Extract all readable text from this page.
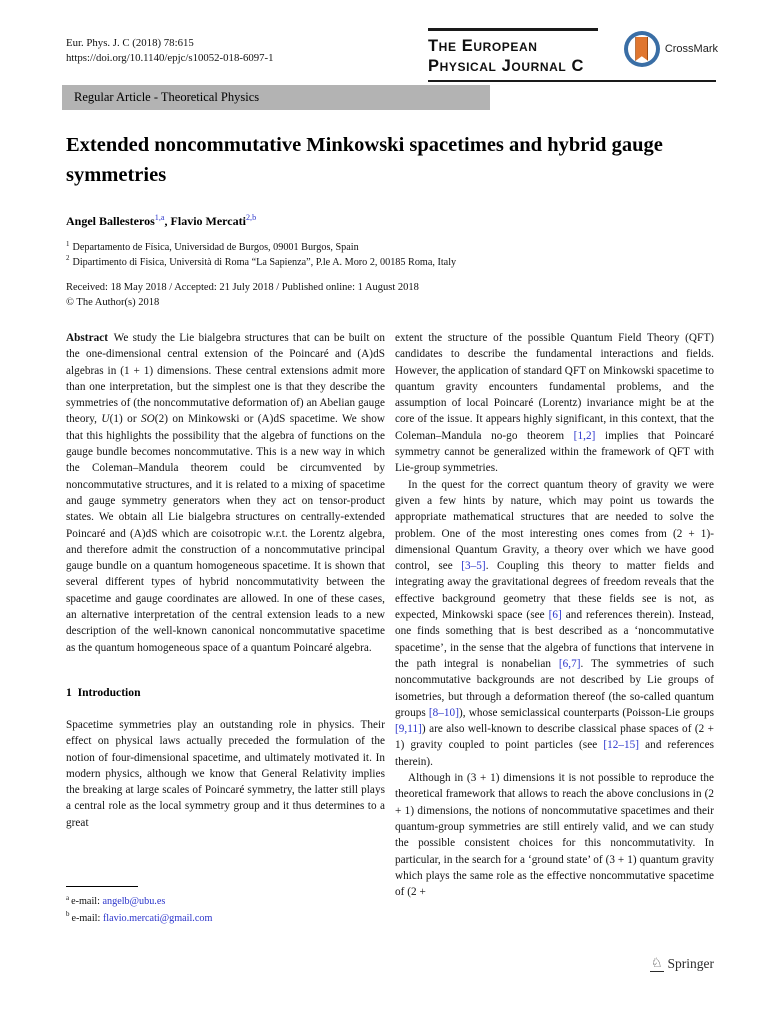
Eur. Phys. J. C (2018) 78:615
https://doi.org/10.1140/epjc/s10052-018-6097-1
The European
Physical Journal C
CrossMark
Regular Article - Theoretical Physics
Extended noncommutative Minkowski spacetimes and hybrid gauge symmetries
Angel Ballesteros$^{1,a}$, Flavio Mercati$^{2,b}$
$^1$ Departamento de Física, Universidad de Burgos, 09001 Burgos, Spain
$^2$ Dipartimento di Fisica, Università di Roma “La Sapienza”, P.le A. Moro 2, 00185 Roma, Italy
Received: 18 May 2018 / Accepted: 21 July 2018 / Published online: 1 August 2018
© The Author(s) 2018

Abstract We study the Lie bialgebra structures that can be built on the one-dimensional central extension of the Poincaré and (A)dS algebras in (1 + 1) dimensions. These central extensions admit more than one interpretation, but the simplest one is that they describe the symmetries of (the noncommutative deformation of) an Abelian gauge theory, U(1) or SO(2) on Minkowski or (A)dS spacetime. We show that this highlights the possibility that the algebra of functions on the gauge bundle becomes noncommutative. This is a new way in which the Coleman–Mandula theorem could be circumvented by noncommutative structures, and it is related to a mixing of spacetime and gauge symmetry generators when they act on tensor-product states. We obtain all Lie bialgebra structures on centrally-extended Poincaré and (A)dS which are coisotropic w.r.t. the Lorentz algebra, and therefore admit the construction of a noncommutative principal gauge bundle on a quantum homogeneous spacetime. It is shown that several different types of hybrid noncommutativity between the spacetime and gauge coordinates are allowed. In one of these cases, an alternative interpretation of the central extension leads to a new description of the well-known canonical noncommutative spacetime as the quantum homogeneous space of a quantum Poincaré algebra.

1 Introduction

Spacetime symmetries play an outstanding role in physics. Their effect on physical laws actually preceded the formulation of the notion of four-dimensional spacetime, and ultimately motivated it. In modern physics, although we know that General Relativity implies the breaking at large scales of Poincaré symmetry, the latter still plays a central role as the local symmetry group and it thus determines to a great

extent the structure of the possible Quantum Field Theory (QFT) candidates to describe the fundamental interactions and fields. However, the application of standard QFT on Minkowski spacetime to quantum gravity encounters fundamental problems, and the assumption of local Poincaré (Lorentz) invariance might be at the core of the issue. It appears highly significant, in this context, that the Coleman–Mandula no-go theorem [1,2] implies that Poincaré symmetry cannot be generalized within the framework of QFT with Lie-group symmetries.

In the quest for the correct quantum theory of gravity we were given a few hints by nature, which may point us towards the appropriate mathematical structures that are needed to solve the problem. One of the most interesting ones comes from (2 + 1)-dimensional Quantum Gravity, a theory over which we have good control, see [3–5]. Coupling this theory to matter fields and integrating away the gravitational degrees of freedom reveals that the effective background geometry that these fields see is not, as expected, Minkowski space (see [6] and references therein). Instead, one finds something that is best described as a ‘noncommutative spacetime’, in the sense that the algebra of functions that intervene in the path integral is nonabelian [6,7]. The symmetries of such noncommutative backgrounds are not described by Lie groups of isometries, but through a deformation thereof (the so-called quantum groups [8–10]), whose semiclassical counterparts (Poisson-Lie groups [9,11]) are also well-known to describe classical phase spaces of (2 + 1) gravity coupled to point particles (see [12–15] and references therein).

Although in (3 + 1) dimensions it is not possible to reproduce the theoretical framework that allows to reach the above conclusions in (2 + 1) dimensions, the notions of noncommutative spacetimes and their quantum-group symmetries are still entirely valid, and we can study the possible consistent choices for this noncommutativity. In particular, in the search for a ‘ground state’ of (3 + 1) quantum gravity which plays the same role as the effective noncommutative spacetime of (2 +

$^a$ e-mail: angelb@ubu.es
$^b$ e-mail: flavio.mercati@gmail.com
♘ Springer
